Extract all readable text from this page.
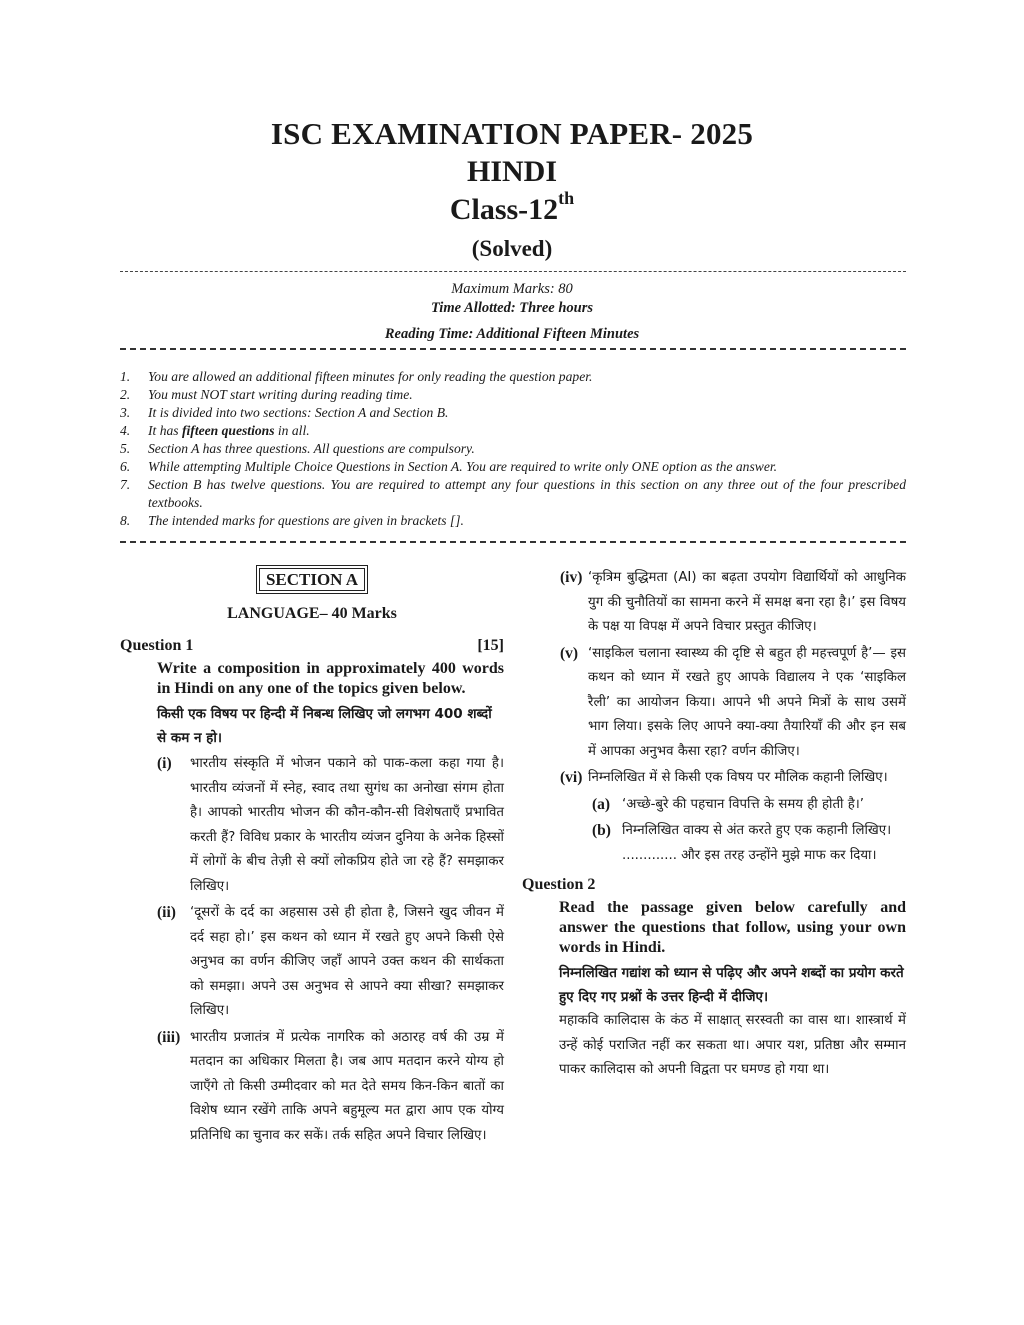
ISC EXAMINATION PAPER- 2025
HINDI
Class-12th
(Solved)
Maximum Marks: 80
Time Allotted: Three hours
Reading Time: Additional Fifteen Minutes
1. You are allowed an additional fifteen minutes for only reading the question paper.
2. You must NOT start writing during reading time.
3. It is divided into two sections: Section A and Section B.
4. It has fifteen questions in all.
5. Section A has three questions. All questions are compulsory.
6. While attempting Multiple Choice Questions in Section A. You are required to write only ONE option as the answer.
7. Section B has twelve questions. You are required to attempt any four questions in this section on any three out of the four prescribed textbooks.
8. The intended marks for questions are given in brackets [].
SECTION A
LANGUAGE– 40 Marks
Question 1	[15]
Write a composition in approximately 400 words in Hindi on any one of the topics given below.
किसी एक विषय पर हिन्दी में निबन्ध लिखिए जो लगभग 400 शब्दों से कम न हो।
(i)	भारतीय संस्कृति में भोजन पकाने को पाक-कला कहा गया है। भारतीय व्यंजनों में स्नेह, स्वाद तथा सुगंध का अनोखा संगम होता है। आपको भारतीय भोजन की कौन-कौन-सी विशेषताएँ प्रभावित करती हैं? विविध प्रकार के भारतीय व्यंजन दुनिया के अनेक हिस्सों में लोगों के बीच तेज़ी से क्यों लोकप्रिय होते जा रहे हैं? समझाकर लिखिए।
(ii)	‘दूसरों के दर्द का अहसास उसे ही होता है, जिसने खुद जीवन में दर्द सहा हो।’ इस कथन को ध्यान में रखते हुए अपने किसी ऐसे अनुभव का वर्णन कीजिए जहाँ आपने उक्त कथन की सार्थकता को समझा। अपने उस अनुभव से आपने क्या सीखा? समझाकर लिखिए।
(iii) भारतीय प्रजातंत्र में प्रत्येक नागरिक को अठारह वर्ष की उम्र में मतदान का अधिकार मिलता है। जब आप मतदान करने योग्य हो जाएँगे तो किसी उम्मीदवार को मत देते समय किन-किन बातों का विशेष ध्यान रखेंगे ताकि अपने बहुमूल्य मत द्वारा आप एक योग्य प्रतिनिधि का चुनाव कर सकें। तर्क सहित अपने विचार लिखिए।
(iv) ‘कृत्रिम बुद्धिमता (AI) का बढ़ता उपयोग विद्यार्थियों को आधुनिक युग की चुनौतियों का सामना करने में समक्ष बना रहा है।’ इस विषय के पक्ष या विपक्ष में अपने विचार प्रस्तुत कीजिए।
(v) ‘साइकिल चलाना स्वास्थ्य की दृष्टि से बहुत ही महत्त्वपूर्ण है’— इस कथन को ध्यान में रखते हुए आपके विद्यालय ने एक ‘साइकिल रैली’ का आयोजन किया। आपने भी अपने मित्रों के साथ उसमें भाग लिया। इसके लिए आपने क्या-क्या तैयारियाँ की और इन सब में आपका अनुभव कैसा रहा? वर्णन कीजिए।
(vi) निम्नलिखित में से किसी एक विषय पर मौलिक कहानी लिखिए।
(a) ‘अच्छे-बुरे की पहचान विपत्ति के समय ही होती है।’
(b) निम्नलिखित वाक्य से अंत करते हुए एक कहानी लिखिए।
............. और इस तरह उन्होंने मुझे माफ कर दिया।
Question 2
Read the passage given below carefully and answer the questions that follow, using your own words in Hindi.
निम्नलिखित गद्यांश को ध्यान से पढ़िए और अपने शब्दों का प्रयोग करते हुए दिए गए प्रश्नों के उत्तर हिन्दी में दीजिए।
महाकवि कालिदास के कंठ में साक्षात् सरस्वती का वास था। शास्त्रार्थ में उन्हें कोई पराजित नहीं कर सकता था। अपार यश, प्रतिष्ठा और सम्मान पाकर कालिदास को अपनी विद्वता पर घमण्ड हो गया था।
